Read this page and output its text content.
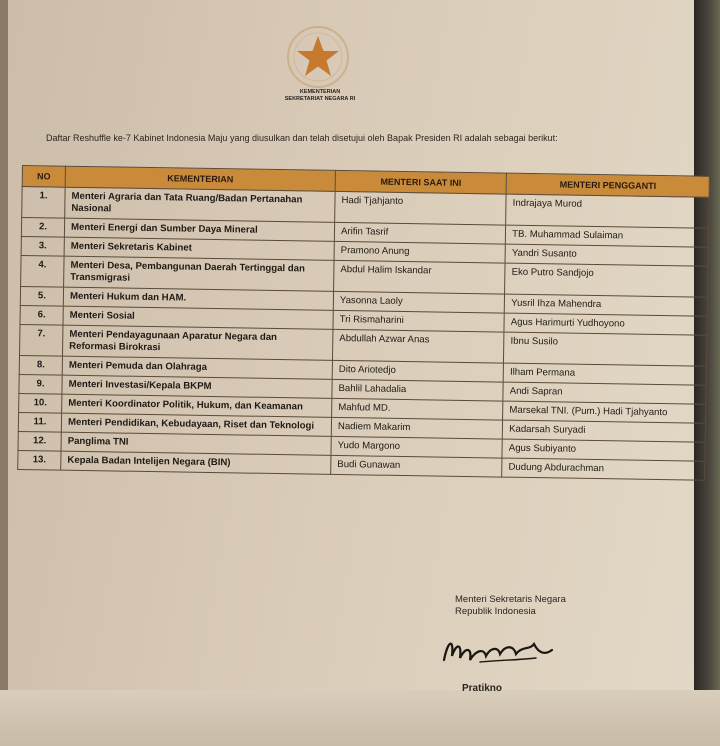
KEMENTERIAN
SEKRETARIAT NEGARA RI
Daftar Reshuffle ke-7 Kabinet Indonesia Maju yang diusulkan dan telah disetujui oleh Bapak Presiden RI adalah sebagai berikut:
NO	KEMENTERIAN	MENTERI SAAT INI	MENTERI PENGGANTI
1.	Menteri Agraria dan Tata Ruang/Badan Pertanahan Nasional	Hadi Tjahjanto	Indrajaya Murod
2.	Menteri Energi dan Sumber Daya Mineral	Arifin Tasrif	TB. Muhammad Sulaiman
3.	Menteri Sekretaris Kabinet	Pramono Anung	Yandri Susanto
4.	Menteri Desa, Pembangunan Daerah Tertinggal dan Transmigrasi	Abdul Halim Iskandar	Eko Putro Sandjojo
5.	Menteri Hukum dan HAM.	Yasonna Laoly	Yusril Ihza Mahendra
6.	Menteri Sosial	Tri Rismaharini	Agus Harimurti Yudhoyono
7.	Menteri Pendayagunaan Aparatur Negara dan Reformasi Birokrasi	Abdullah Azwar Anas	Ibnu Susilo
8.	Menteri Pemuda dan Olahraga	Dito Ariotedjo	Ilham Permana
9.	Menteri Investasi/Kepala BKPM	Bahlil Lahadalia	Andi Sapran
10.	Menteri Koordinator Politik, Hukum, dan Keamanan	Mahfud MD.	Marsekal TNI. (Pum.) Hadi Tjahyanto
11.	Menteri Pendidikan, Kebudayaan, Riset dan Teknologi	Nadiem Makarim	Kadarsah Suryadi
12.	Panglima TNI	Yudo Margono	Agus Subiyanto
13.	Kepala Badan Intelijen Negara (BIN)	Budi Gunawan	Dudung Abdurachman
Menteri Sekretaris Negara
Republik Indonesia
Pratikno
